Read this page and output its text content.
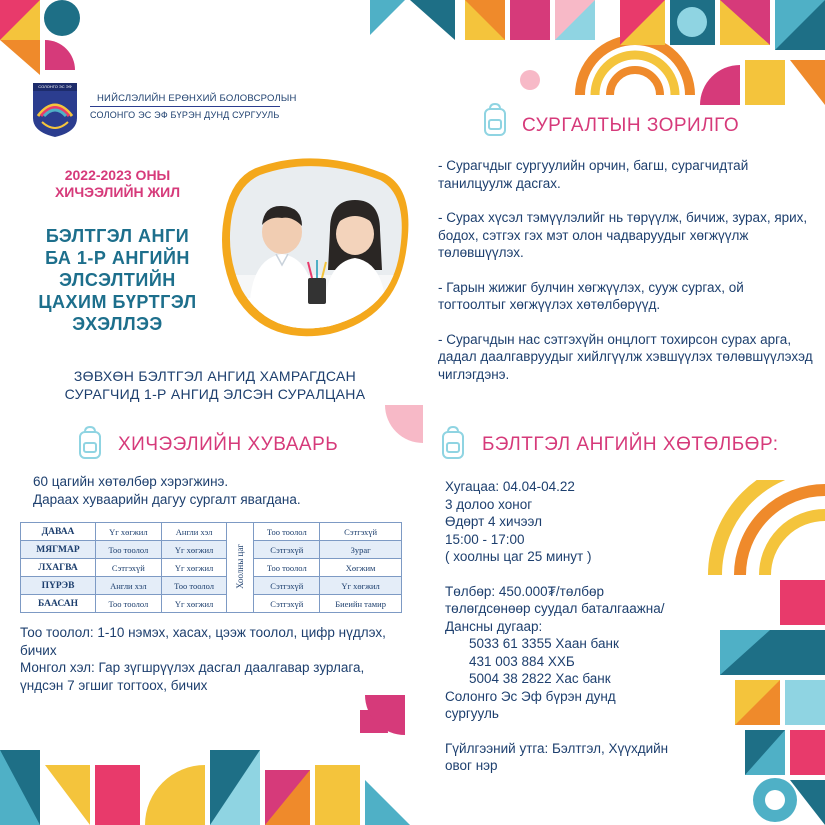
СОЛОНГО ЭС ЭФ
НИЙСЛЭЛИЙН ЕРӨНХИЙ БОЛОВСРОЛЫН
СОЛОНГО ЭС ЭФ БҮРЭН ДУНД СУРГУУЛЬ
2022-2023 ОНЫ
ХИЧЭЭЛИЙН ЖИЛ
БЭЛТГЭЛ АНГИ
БА 1-Р АНГИЙН
ЭЛСЭЛТИЙН
ЦАХИМ БҮРТГЭЛ
ЭХЭЛЛЭЭ
ЗӨВХӨН БЭЛТГЭЛ АНГИД ХАМРАГДСАН
СУРАГЧИД 1-Р АНГИД ЭЛСЭН СУРАЛЦАНА
СУРГАЛТЫН ЗОРИЛГО

- Сурагчдыг сургуулийн орчин, багш, сурагчидтай танилцуулж дасгах.

- Сурах хүсэл тэмүүлэлийг нь төрүүлж, бичиж, зурах, ярих, бодох, сэтгэх гэх мэт олон чадваруудыг хөгжүүлж төлөвшүүлэх.

- Гарын жижиг булчин хөгжүүлэх, сууж сургах, ой тогтоолтыг хөгжүүлэх хөтөлбөрүүд.

- Сурагчдын нас сэтгэхүйн онцлогт тохирсон сурах арга, дадал даалгавруудыг хийлгүүлж хэвшүүлэх төлөвшүүлэхэд чиглэгдэнэ.

ХИЧЭЭЛИЙН ХУВААРЬ

60 цагийн хөтөлбөр хэрэгжинэ.

Дараах хуваарийн дагуу сургалт явагдана.

ДАВАА	Үг хөгжил	Англи хэл	Хоолны цаг	Тоо тоолол	Сэтгэхүй
МЯГМАР	Тоо тоолол	Үг хөгжил		Сэтгэхүй	Зураг
ЛХАГВА	Сэтгэхүй	Үг хөгжил		Тоо тоолол	Хөгжим
ПҮРЭВ	Англи хэл	Тоо тоолол		Сэтгэхүй	Үг хөгжил
БААСАН	Тоо тоолол	Үг хөгжил		Сэтгэхүй	Биеийн тамир

Тоо тоолол: 1-10 нэмэх, хасах, цээж тоолол, цифр нүдлэх, бичих

Монгол хэл: Гар зүгшрүүлэх дасгал даалгавар зурлага, үндсэн 7 эгшиг тогтоох, бичих

БЭЛТГЭЛ АНГИЙН ХӨТӨЛБӨР:

Хугацаа: 04.04-04.22

3 долоо хоног

Өдөрт 4 хичээл

15:00 - 17:00

( хоолны цаг 25 минут )

Төлбөр: 450.000₮/төлбөр

төлөгдсөнөөр суудал баталгаажна/

Дансны дугаар:

5033 61 3355 Хаан банк

431 003 884 ХХБ

5004 38 2822 Хас банк

Солонго Эс Эф бүрэн дунд

сургууль

Гүйлгээний утга: Бэлтгэл, Хүүхдийн

овог нэр
